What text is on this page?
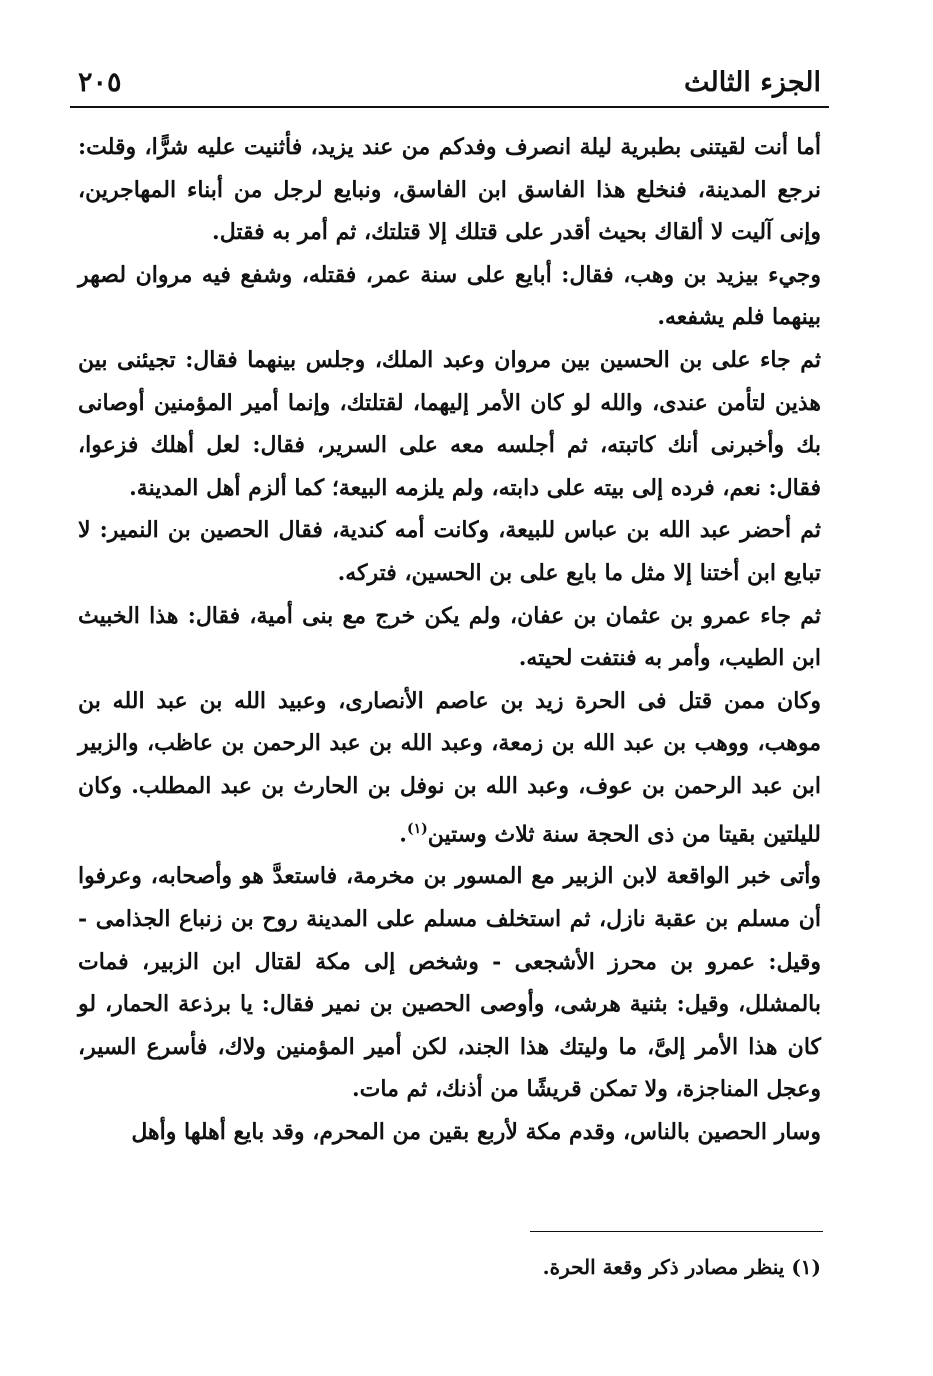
الجزء الثالث
٢٠٥

أما أنت لقيتنى بطبرية ليلة انصرف وفدكم من عند يزيد، فأثنيت عليه شرًّا، وقلت: نرجع المدينة، فنخلع هذا الفاسق ابن الفاسق، ونبايع لرجل من أبناء المهاجرين، وإنى آليت لا ألقاك بحيث أقدر على قتلك إلا قتلتك، ثم أمر به فقتل.

وجيء بيزيد بن وهب، فقال: أبايع على سنة عمر، فقتله، وشفع فيه مروان لصهر بينهما فلم يشفعه.

ثم جاء على بن الحسين بين مروان وعبد الملك، وجلس بينهما فقال: تجيئنى بين هذين لتأمن عندى، والله لو كان الأمر إليهما، لقتلتك، وإنما أمير المؤمنين أوصانى بك وأخبرنى أنك كاتبته، ثم أجلسه معه على السرير، فقال: لعل أهلك فزعوا، فقال: نعم، فرده إلى بيته على دابته، ولم يلزمه البيعة؛ كما ألزم أهل المدينة.

ثم أحضر عبد الله بن عباس للبيعة، وكانت أمه كندية، فقال الحصين بن النمير: لا تبايع ابن أختنا إلا مثل ما بايع على بن الحسين، فتركه.

ثم جاء عمرو بن عثمان بن عفان، ولم يكن خرج مع بنى أمية، فقال: هذا الخبيث ابن الطيب، وأمر به فنتفت لحيته.

وكان ممن قتل فى الحرة زيد بن عاصم الأنصارى، وعبيد الله بن عبد الله بن موهب، ووهب بن عبد الله بن زمعة، وعبد الله بن عبد الرحمن بن عاظب، والزبير ابن عبد الرحمن بن عوف، وعبد الله بن نوفل بن الحارث بن عبد المطلب. وكان لليلتين بقيتا من ذى الحجة سنة ثلاث وستين$^{(١)}$.

وأتى خبر الواقعة لابن الزبير مع المسور بن مخرمة، فاستعدَّ هو وأصحابه، وعرفوا أن مسلم بن عقبة نازل، ثم استخلف مسلم على المدينة روح بن زنباع الجذامى - وقيل: عمرو بن محرز الأشجعى - وشخص إلى مكة لقتال ابن الزبير، فمات بالمشلل، وقيل: بثنية هرشى، وأوصى الحصين بن نمير فقال: يا برذعة الحمار، لو كان هذا الأمر إلىَّ، ما وليتك هذا الجند، لكن أمير المؤمنين ولاك، فأسرع السير، وعجل المناجزة، ولا تمكن قريشًا من أذنك، ثم مات.

وسار الحصين بالناس، وقدم مكة لأربع بقين من المحرم، وقد بايع أهلها وأهل

(١) ينظر مصادر ذكر وقعة الحرة.
